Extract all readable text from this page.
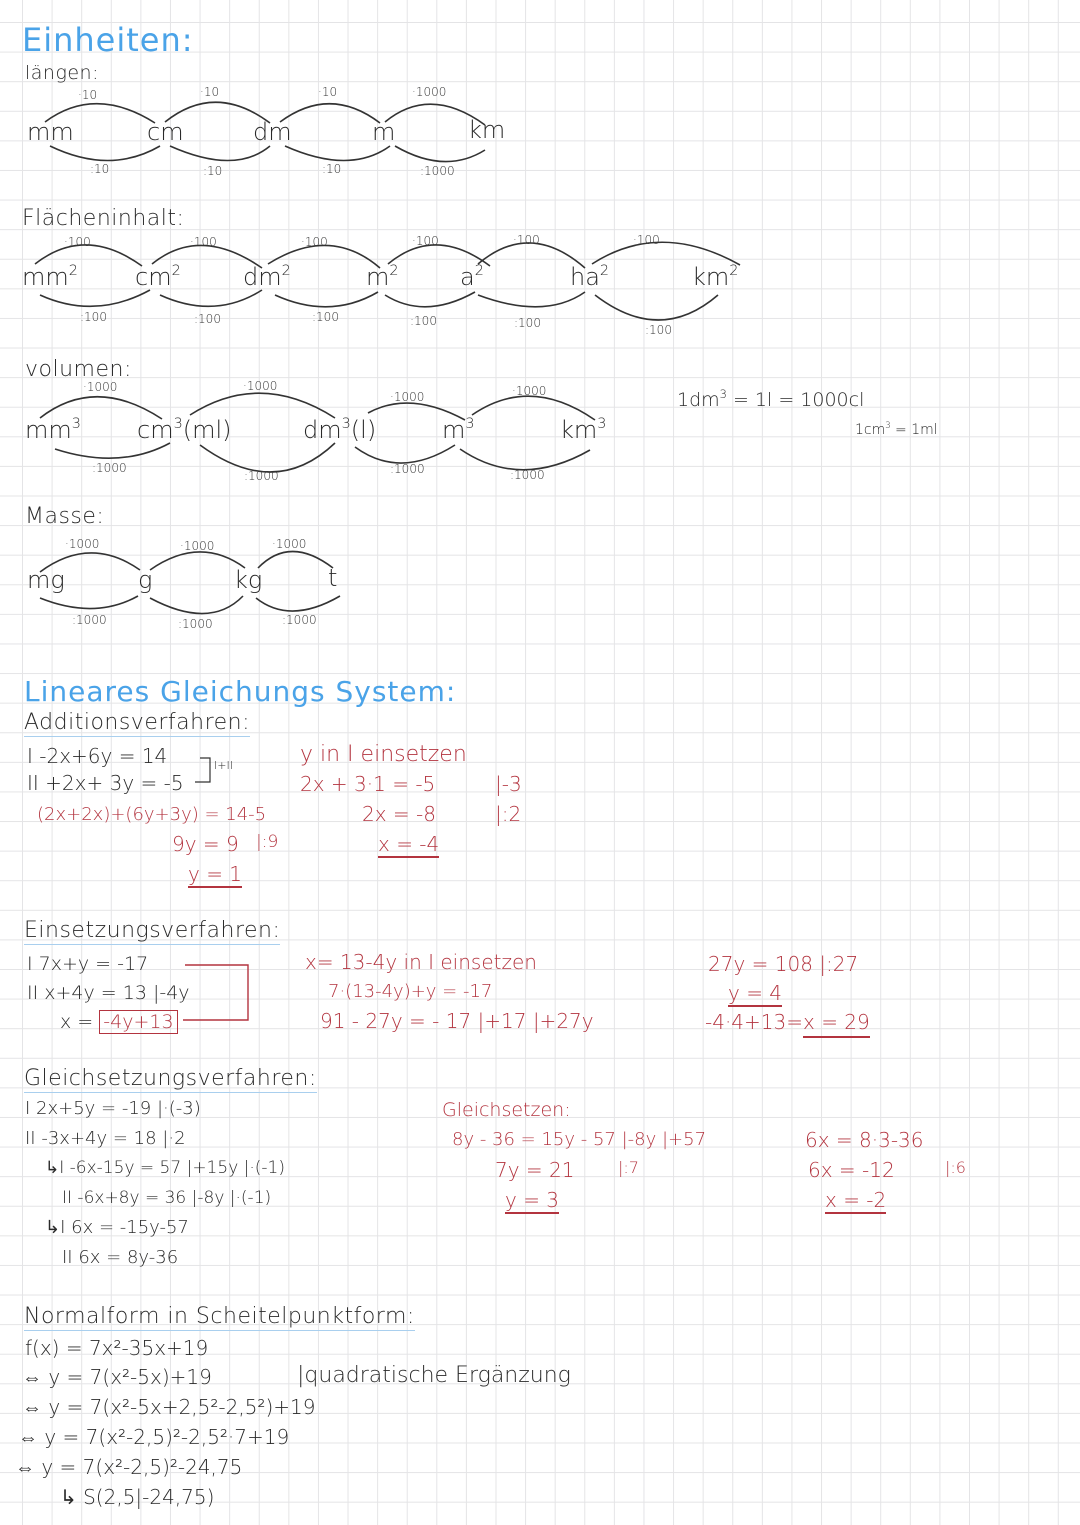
Einheiten:
längen:
mm	cm	dm	m	km
·10	·10	·10	·1000
:10	:10	:10	:1000
Flächeninhalt:
$mm^2$ $cm^2$	$dm^2$	$m^2$	$a^2$	$ha^2$	$km^2$
·100	·100	·100	·100	·100	·100
:100	:100	:100	:100	:100	:100
volumen:
$mm^3$ $cm^3(ml)$	$dm^3(l)$	$m^3$	$km^3$
·1000	·1000
·1000	·1000
:1000
:1000	:1000	:1000
$1dm^3 = 1l = 1000cl$
$1cm^3 = 1ml$
Masse:
mg	g	kg	t
·1000	·1000	·1000
:1000	:1000	:1000
Lineares Gleichungs System:
Additionsverfahren:
I -2x+6y = 14
II +2x+ 3y = -5
I+II
(2x+2x)+(6y+3y) = 14-5
9y = 9 |:9
y = 1
y in I einsetzen
2x + 3·1 = -5	|-3
2x = -8	|:2
x = -4
Einsetzungsverfahren:
I 7x+y = -17
II x+4y = 13 |-4y
x = -4y+13
x= 13-4y in I einsetzen
7·(13-4y)+y = -17
91 - 27y = - 17 |+17 |+27y
27y = 108 |:27
y = 4
-4·4+13=x = 29
Gleichsetzungsverfahren:
I 2x+5y = -19 |·(-3)
II -3x+4y = 18 |·2
↳I -6x-15y = 57 |+15y |·(-1)
II -6x+8y = 36 |-8y |·(-1)
↳I 6x = -15y-57
II 6x = 8y-36
Gleichsetzen:
8y - 36 = 15y - 57 |-8y |+57
7y = 21	|:7
y = 3
6x = 8·3-36
6x = -12	|:6
x = -2
Normalform in Scheitelpunktform:
f(x) = 7x²-35x+19
⇔ y = 7(x²-5x)+19	|quadratische Ergänzung
⇔ y = 7(x²-5x+2,5²-2,5²)+19
⇔ y = 7(x²-2,5)²-2,5²·7+19
⇔ y = 7(x²-2,5)²-24,75
↳ S(2,5|-24,75)
